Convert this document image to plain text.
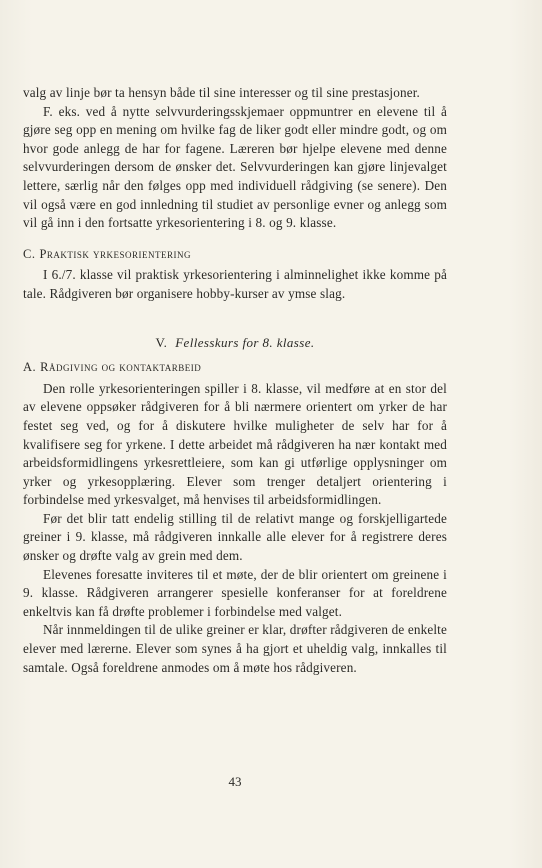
valg av linje bør ta hensyn både til sine interesser og til sine prestasjoner.

F. eks. ved å nytte selvvurderingsskjemaer oppmuntrer en elevene til å gjøre seg opp en mening om hvilke fag de liker godt eller mindre godt, og om hvor gode anlegg de har for fagene. Læreren bør hjelpe elevene med denne selvvurderingen dersom de ønsker det. Selvvurderingen kan gjøre linjevalget lettere, særlig når den følges opp med individuell rådgiving (se senere). Den vil også være en god innledning til studiet av personlige evner og anlegg som vil gå inn i den fortsatte yrkesorientering i 8. og 9. klasse.

C. Praktisk yrkesorientering

I 6./7. klasse vil praktisk yrkesorientering i alminnelighet ikke komme på tale. Rådgiveren bør organisere hobby-kurser av ymse slag.

V. Fellesskurs for 8. klasse.
A. Rådgiving og kontaktarbeid

Den rolle yrkesorienteringen spiller i 8. klasse, vil medføre at en stor del av elevene oppsøker rådgiveren for å bli nærmere orientert om yrker de har festet seg ved, og for å diskutere hvilke muligheter de selv har for å kvalifisere seg for yrkene. I dette arbeidet må rådgiveren ha nær kontakt med arbeidsformidlingens yrkesrettleiere, som kan gi utførlige opplysninger om yrker og yrkesopplæring. Elever som trenger detaljert orientering i forbindelse med yrkesvalget, må henvises til arbeidsformidlingen.

Før det blir tatt endelig stilling til de relativt mange og forskjelligartede greiner i 9. klasse, må rådgiveren innkalle alle elever for å registrere deres ønsker og drøfte valg av grein med dem.

Elevenes foresatte inviteres til et møte, der de blir orientert om greinene i 9. klasse. Rådgiveren arrangerer spesielle konferanser for at foreldrene enkeltvis kan få drøfte problemer i forbindelse med valget.

Når innmeldingen til de ulike greiner er klar, drøfter rådgiveren de enkelte elever med lærerne. Elever som synes å ha gjort et uheldig valg, innkalles til samtale. Også foreldrene anmodes om å møte hos rådgiveren.

43
